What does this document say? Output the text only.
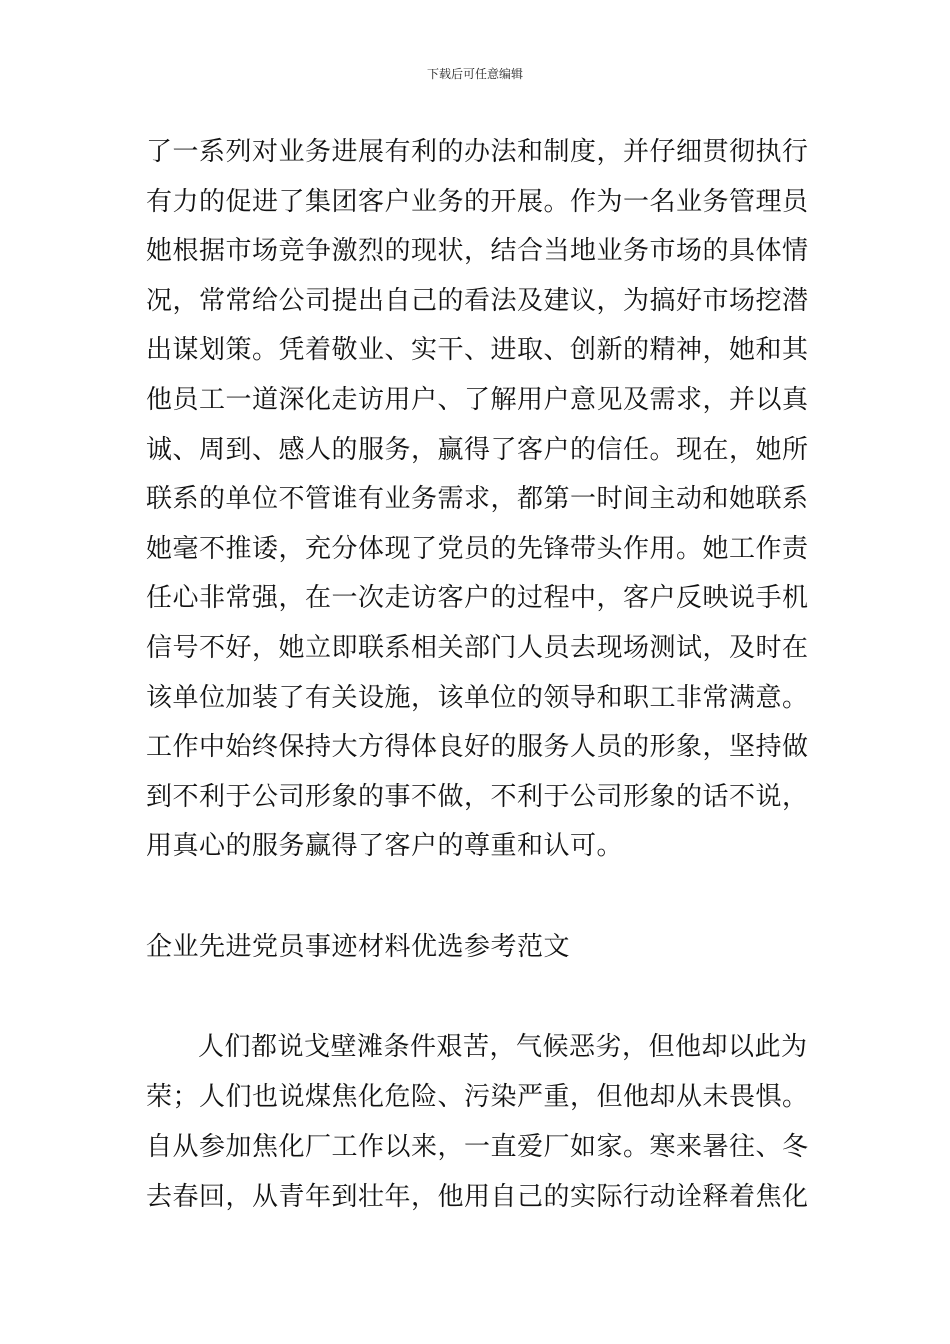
下载后可任意编辑
了一系列对业务进展有利的办法和制度，并仔细贯彻执行
有力的促进了集团客户业务的开展。作为一名业务管理员
她根据市场竞争激烈的现状，结合当地业务市场的具体情
况，常常给公司提出自己的看法及建议，为搞好市场挖潜
出谋划策。凭着敬业、实干、进取、创新的精神，她和其
他员工一道深化走访用户、了解用户意见及需求，并以真
诚、周到、感人的服务，赢得了客户的信任。现在，她所
联系的单位不管谁有业务需求，都第一时间主动和她联系
她毫不推诿，充分体现了党员的先锋带头作用。她工作责
任心非常强，在一次走访客户的过程中，客户反映说手机
信号不好，她立即联系相关部门人员去现场测试，及时在
该单位加装了有关设施，该单位的领导和职工非常满意。
工作中始终保持大方得体良好的服务人员的形象，坚持做
到不利于公司形象的事不做，不利于公司形象的话不说，
用真心的服务赢得了客户的尊重和认可。
企业先进党员事迹材料优选参考范文
人们都说戈壁滩条件艰苦，气候恶劣，但他却以此为
荣；人们也说煤焦化危险、污染严重，但他却从未畏惧。
自从参加焦化厂工作以来，一直爱厂如家。寒来暑往、冬
去春回，从青年到壮年，他用自己的实际行动诠释着焦化
